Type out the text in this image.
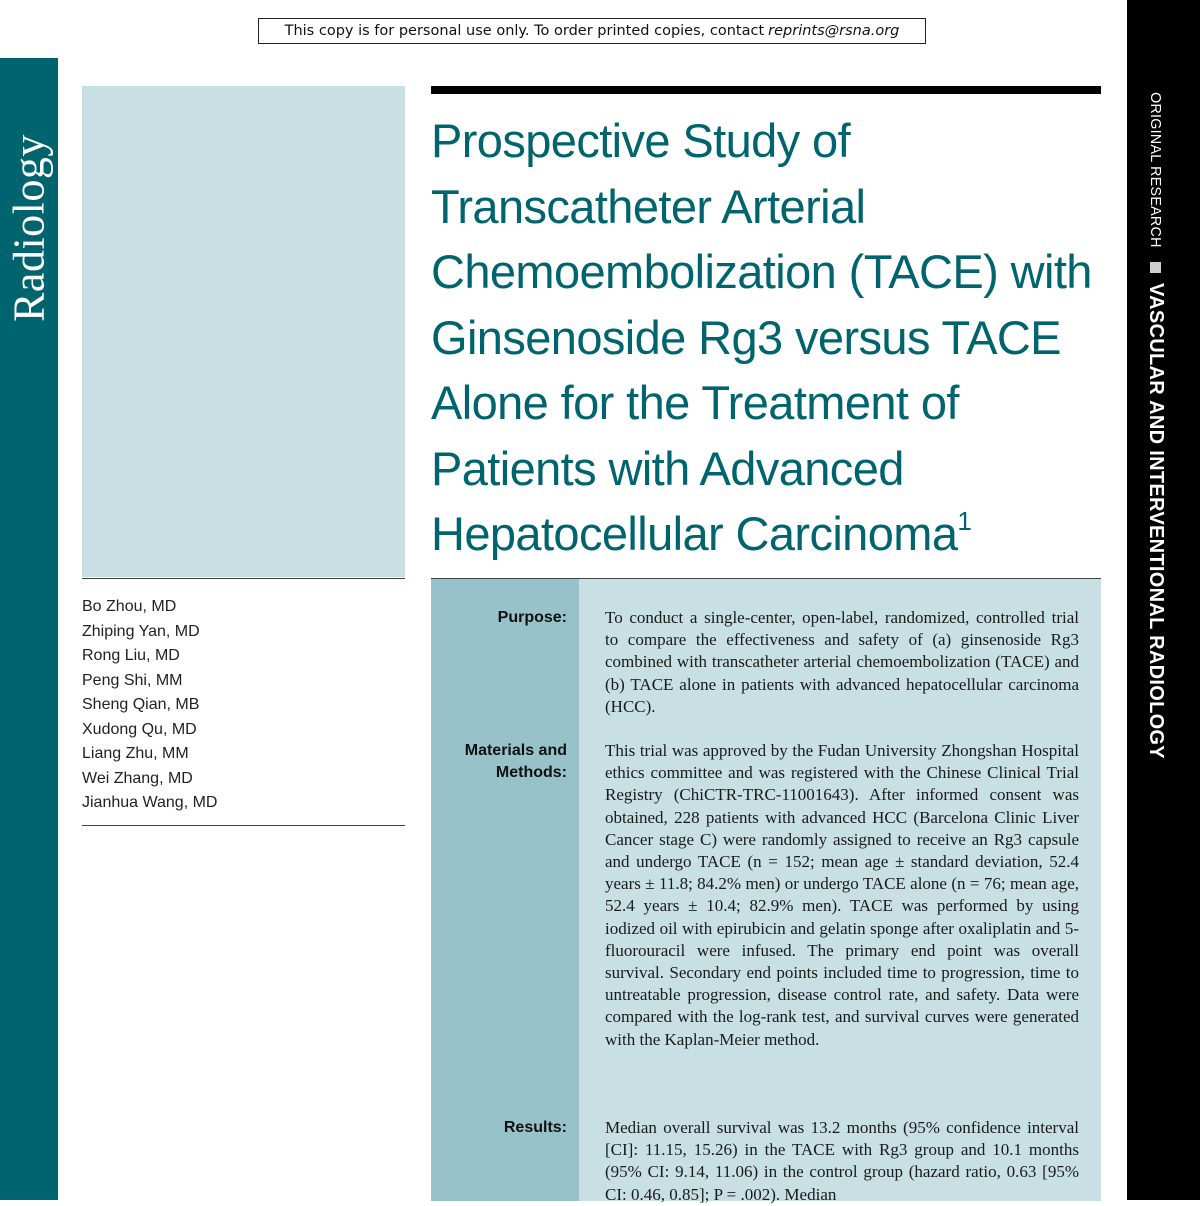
This copy is for personal use only. To order printed copies, contact reprints@rsna.org
Radiology	ORIGINAL RESEARCH
VASCULAR AND INTERVENTIONAL RADIOLOGY
Bo Zhou, MD
Zhiping Yan, MD
Rong Liu, MD
Peng Shi, MM
Sheng Qian, MB
Xudong Qu, MD
Liang Zhu, MM
Wei Zhang, MD
Jianhua Wang, MD
Prospective Study of Transcatheter Arterial Chemoembolization (TACE) with Ginsenoside Rg3 versus TACE Alone for the Treatment of Patients with Advanced Hepatocellular Carcinoma$^1$
Purpose: To conduct a single-center, open-label, randomized, controlled trial to compare the effectiveness and safety of (a) ginsenoside Rg3 combined with transcatheter arterial chemoembolization (TACE) and (b) TACE alone in patients with advanced hepatocellular carcinoma (HCC).

Materials and
Methods:

This trial was approved by the Fudan University Zhongshan Hospital ethics committee and was registered with the Chinese Clinical Trial Registry (ChiCTR-TRC-11001643). After informed consent was obtained, 228 patients with advanced HCC (Barcelona Clinic Liver Cancer stage C) were randomly assigned to receive an Rg3 capsule and undergo TACE (n = 152; mean age ± standard deviation, 52.4 years ± 11.8; 84.2% men) or undergo TACE alone (n = 76; mean age, 52.4 years ± 10.4; 82.9% men). TACE was performed by using iodized oil with epirubicin and gelatin sponge after oxaliplatin and 5-fluorouracil were infused. The primary end point was overall survival. Secondary end points included time to progression, time to untreatable progression, disease control rate, and safety. Data were compared with the log-rank test, and survival curves were generated with the Kaplan-Meier method.

Results: Median overall survival was 13.2 months (95% confidence interval [CI]: 11.15, 15.26) in the TACE with Rg3 group and 10.1 months (95% CI: 9.14, 11.06) in the control group (hazard ratio, 0.63 [95% CI: 0.46, 0.85]; P = .002). Median
